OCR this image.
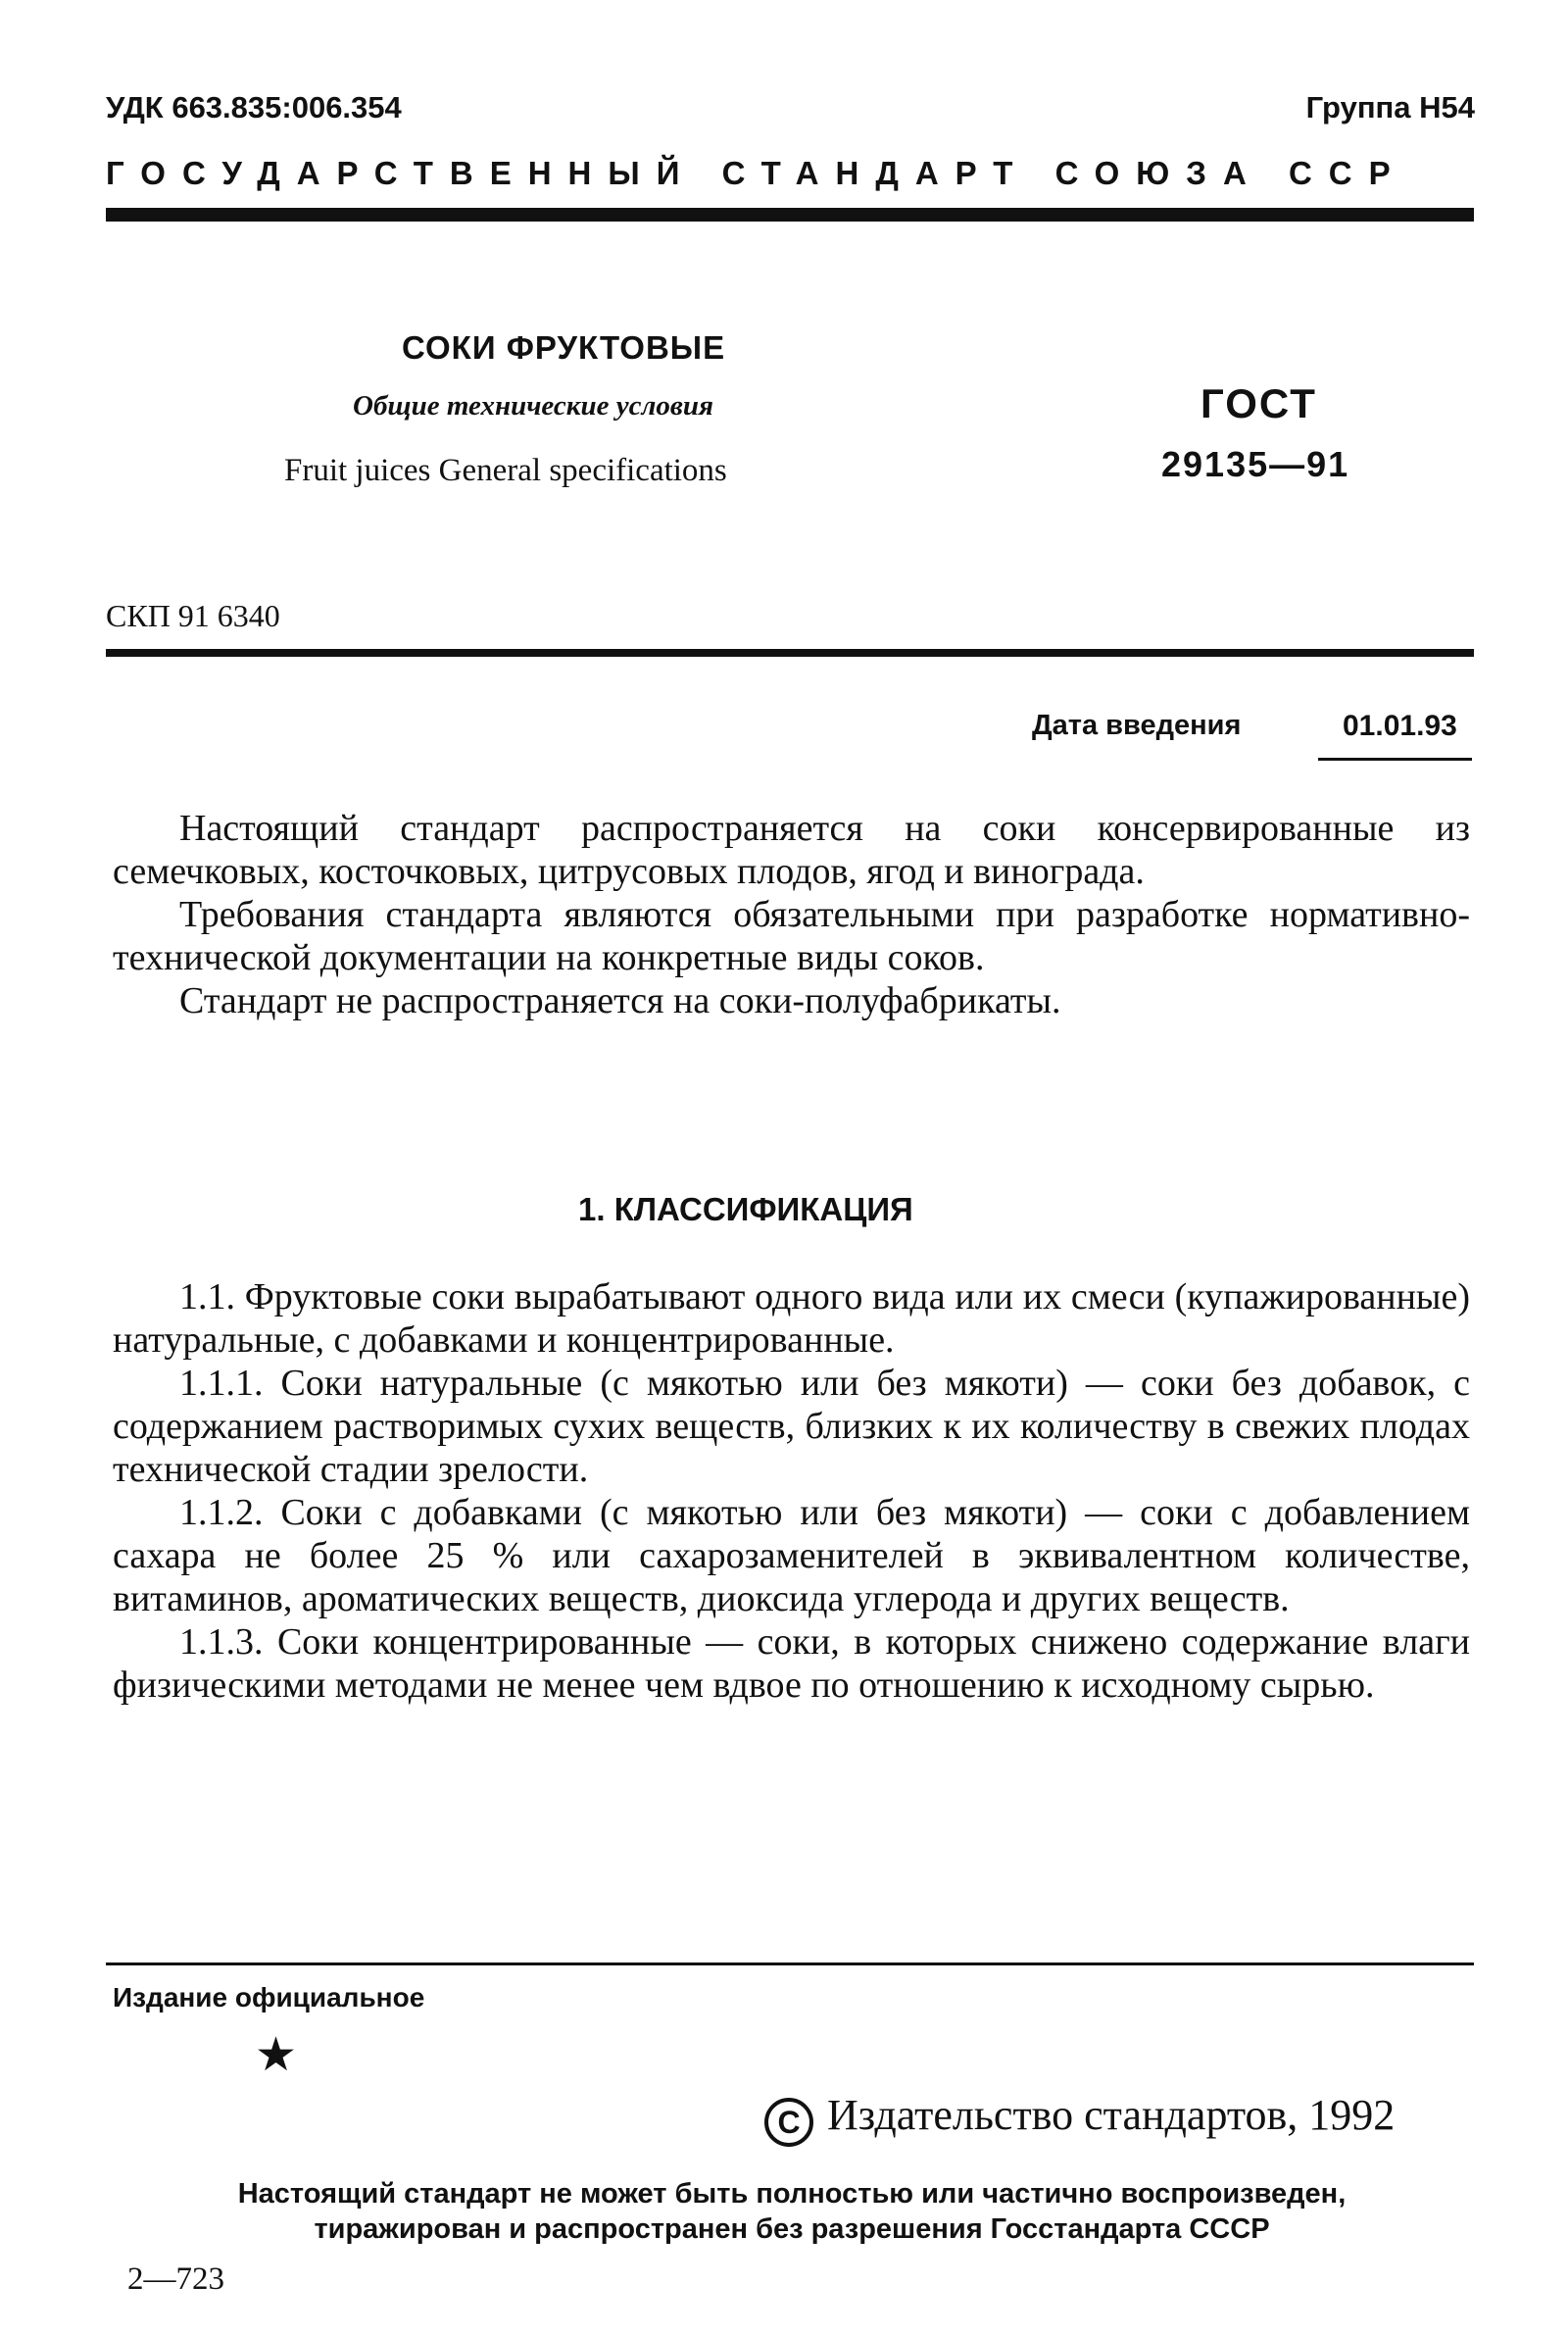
УДК 663.835:006.354	Группа Н54
ГОСУДАРСТВЕННЫЙ СТАНДАРТ СОЮЗА ССР
СОКИ ФРУКТОВЫЕ
Общие технические условия
Fruit juices General specifications
ГОСТ
29135—91
СКП 91 6340
Дата введения	01.01.93

Настоящий стандарт распространяется на соки консервированные из семечковых, косточковых, цитрусовых плодов, ягод и винограда.

Требования стандарта являются обязательными при разработке нормативно-технической документации на конкретные виды соков.

Стандарт не распространяется на соки-полуфабрикаты.

1. КЛАССИФИКАЦИЯ

1.1. Фруктовые соки вырабатывают одного вида или их смеси (купажированные) натуральные, с добавками и концентрированные.

1.1.1. Соки натуральные (с мякотью или без мякоти) — соки без добавок, с содержанием растворимых сухих веществ, близких к их количеству в свежих плодах технической стадии зрелости.

1.1.2. Соки с добавками (с мякотью или без мякоти) — соки с добавлением сахара не более 25 % или сахарозаменителей в эквивалентном количестве, витаминов, ароматических веществ, диоксида углерода и других веществ.

1.1.3. Соки концентрированные — соки, в которых снижено содержание влаги физическими методами не менее чем вдвое по отношению к исходному сырью.

Издание официальное
★
C Издательство стандартов, 1992
Настоящий стандарт не может быть полностью или частично воспроизведен,
тиражирован и распространен без разрешения Госстандарта СССР
2—723
